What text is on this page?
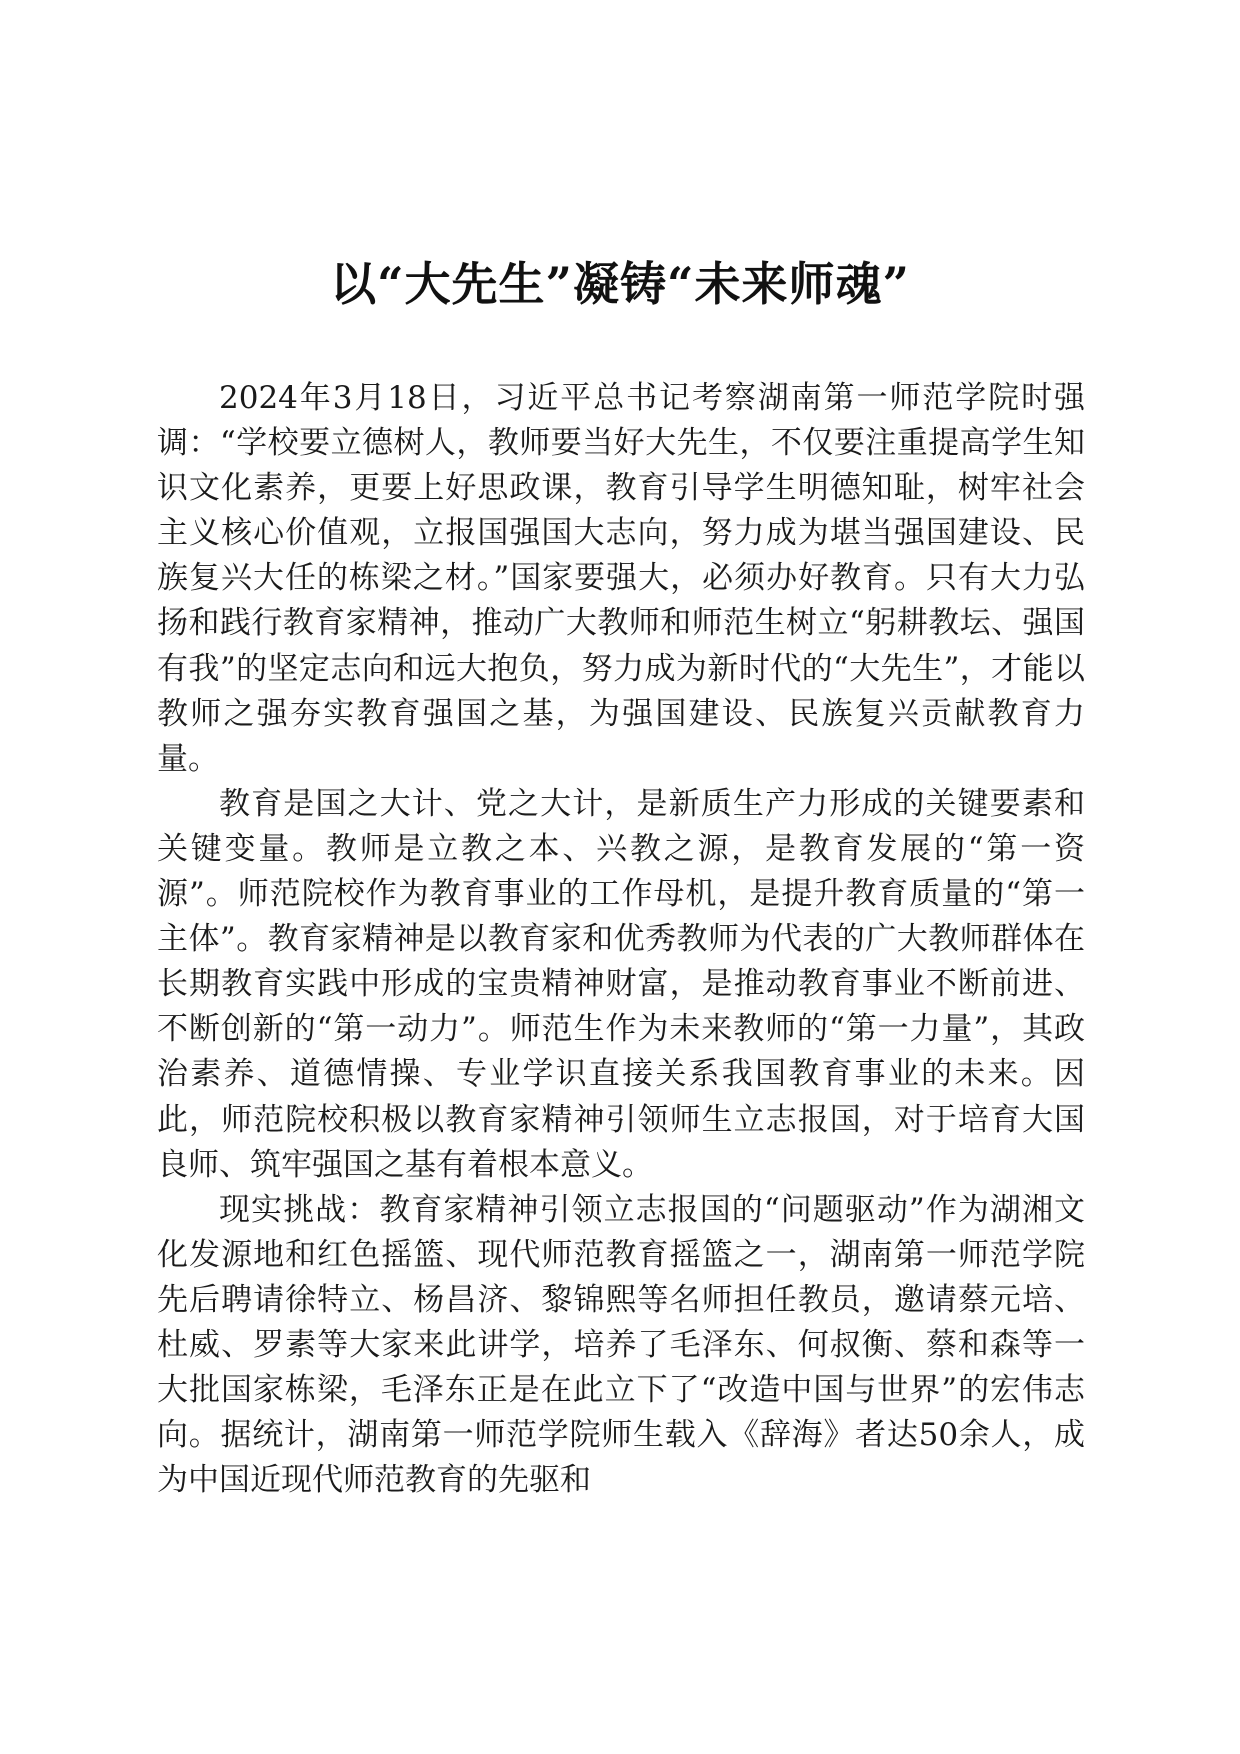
以“大先生”凝铸“未来师魂”

2024年3月18日，习近平总书记考察湖南第一师范学院时强调：“学校要立德树人，教师要当好大先生，不仅要注重提高学生知识文化素养，更要上好思政课，教育引导学生明德知耻，树牢社会主义核心价值观，立报国强国大志向，努力成为堪当强国建设、民族复兴大任的栋梁之材。”国家要强大，必须办好教育。只有大力弘扬和践行教育家精神，推动广大教师和师范生树立“躬耕教坛、强国有我”的坚定志向和远大抱负，努力成为新时代的“大先生”，才能以教师之强夯实教育强国之基，为强国建设、民族复兴贡献教育力量。

教育是国之大计、党之大计，是新质生产力形成的关键要素和关键变量。教师是立教之本、兴教之源，是教育发展的“第一资源”。师范院校作为教育事业的工作母机，是提升教育质量的“第一主体”。教育家精神是以教育家和优秀教师为代表的广大教师群体在长期教育实践中形成的宝贵精神财富，是推动教育事业不断前进、不断创新的“第一动力”。师范生作为未来教师的“第一力量”，其政治素养、道德情操、专业学识直接关系我国教育事业的未来。因此，师范院校积极以教育家精神引领师生立志报国，对于培育大国良师、筑牢强国之基有着根本意义。

现实挑战：教育家精神引领立志报国的“问题驱动”作为湖湘文化发源地和红色摇篮、现代师范教育摇篮之一，湖南第一师范学院先后聘请徐特立、杨昌济、黎锦熙等名师担任教员，邀请蔡元培、杜威、罗素等大家来此讲学，培养了毛泽东、何叔衡、蔡和森等一大批国家栋梁，毛泽东正是在此立下了“改造中国与世界”的宏伟志向。据统计，湖南第一师范学院师生载入《辞海》者达50余人，成为中国近现代师范教育的先驱和
